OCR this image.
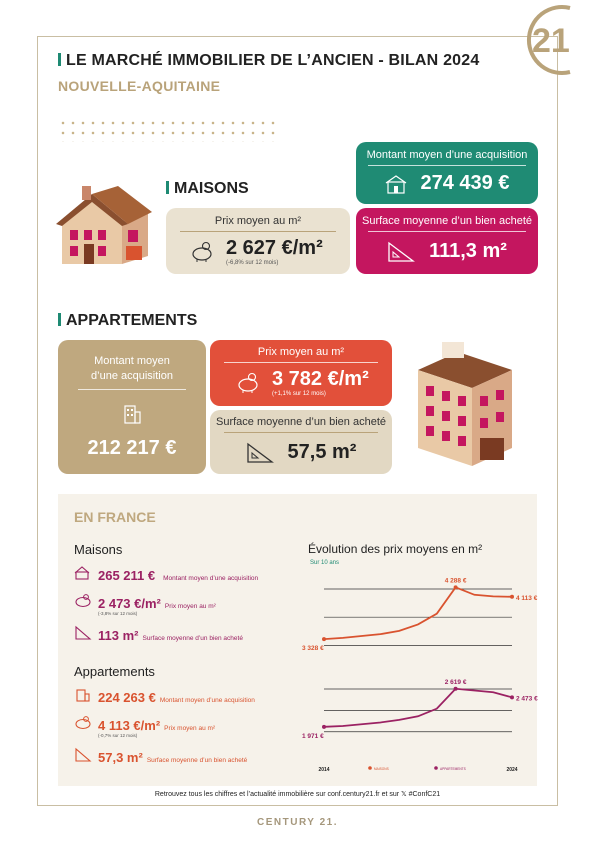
21
LE MARCHÉ IMMOBILIER DE L’ANCIEN - BILAN 2024
NOUVELLE-AQUITAINE
MAISONS
Montant moyen d’une acquisition
274 439 €
Prix moyen au m²
2 627 €/m²
(-6,8% sur 12 mois)
Surface moyenne d’un bien acheté
111,3 m²
APPARTEMENTS
Montant moyen
d’une acquisition
212 217 €
Prix moyen au m²
3 782 €/m²
(+1,1% sur 12 mois)
Surface moyenne d’un bien acheté
57,5 m²
EN FRANCE
Maisons
265 211 € Montant moyen d’une acquisition
2 473 €/m² Prix moyen au m²
(-3,8% sur 12 mois)
113 m² Surface moyenne d’un bien acheté
Appartements
224 263 € Montant moyen d’une acquisition
4 113 €/m² Prix moyen au m²
(-0,7% sur 12 mois)
57,3 m² Surface moyenne d’un bien acheté
Évolution des prix moyens en m²
Sur 10 ans
3 328 €
4 288 €
4 113 €
1 971 €
2 619 €
2 473 €
2014	2024
MAISONS	APPARTEMENTS
Retrouvez tous les chiffres et l’actualité immobilière sur conf.century21.fr et sur 𝕏 #ConfC21
CENTURY 21.
